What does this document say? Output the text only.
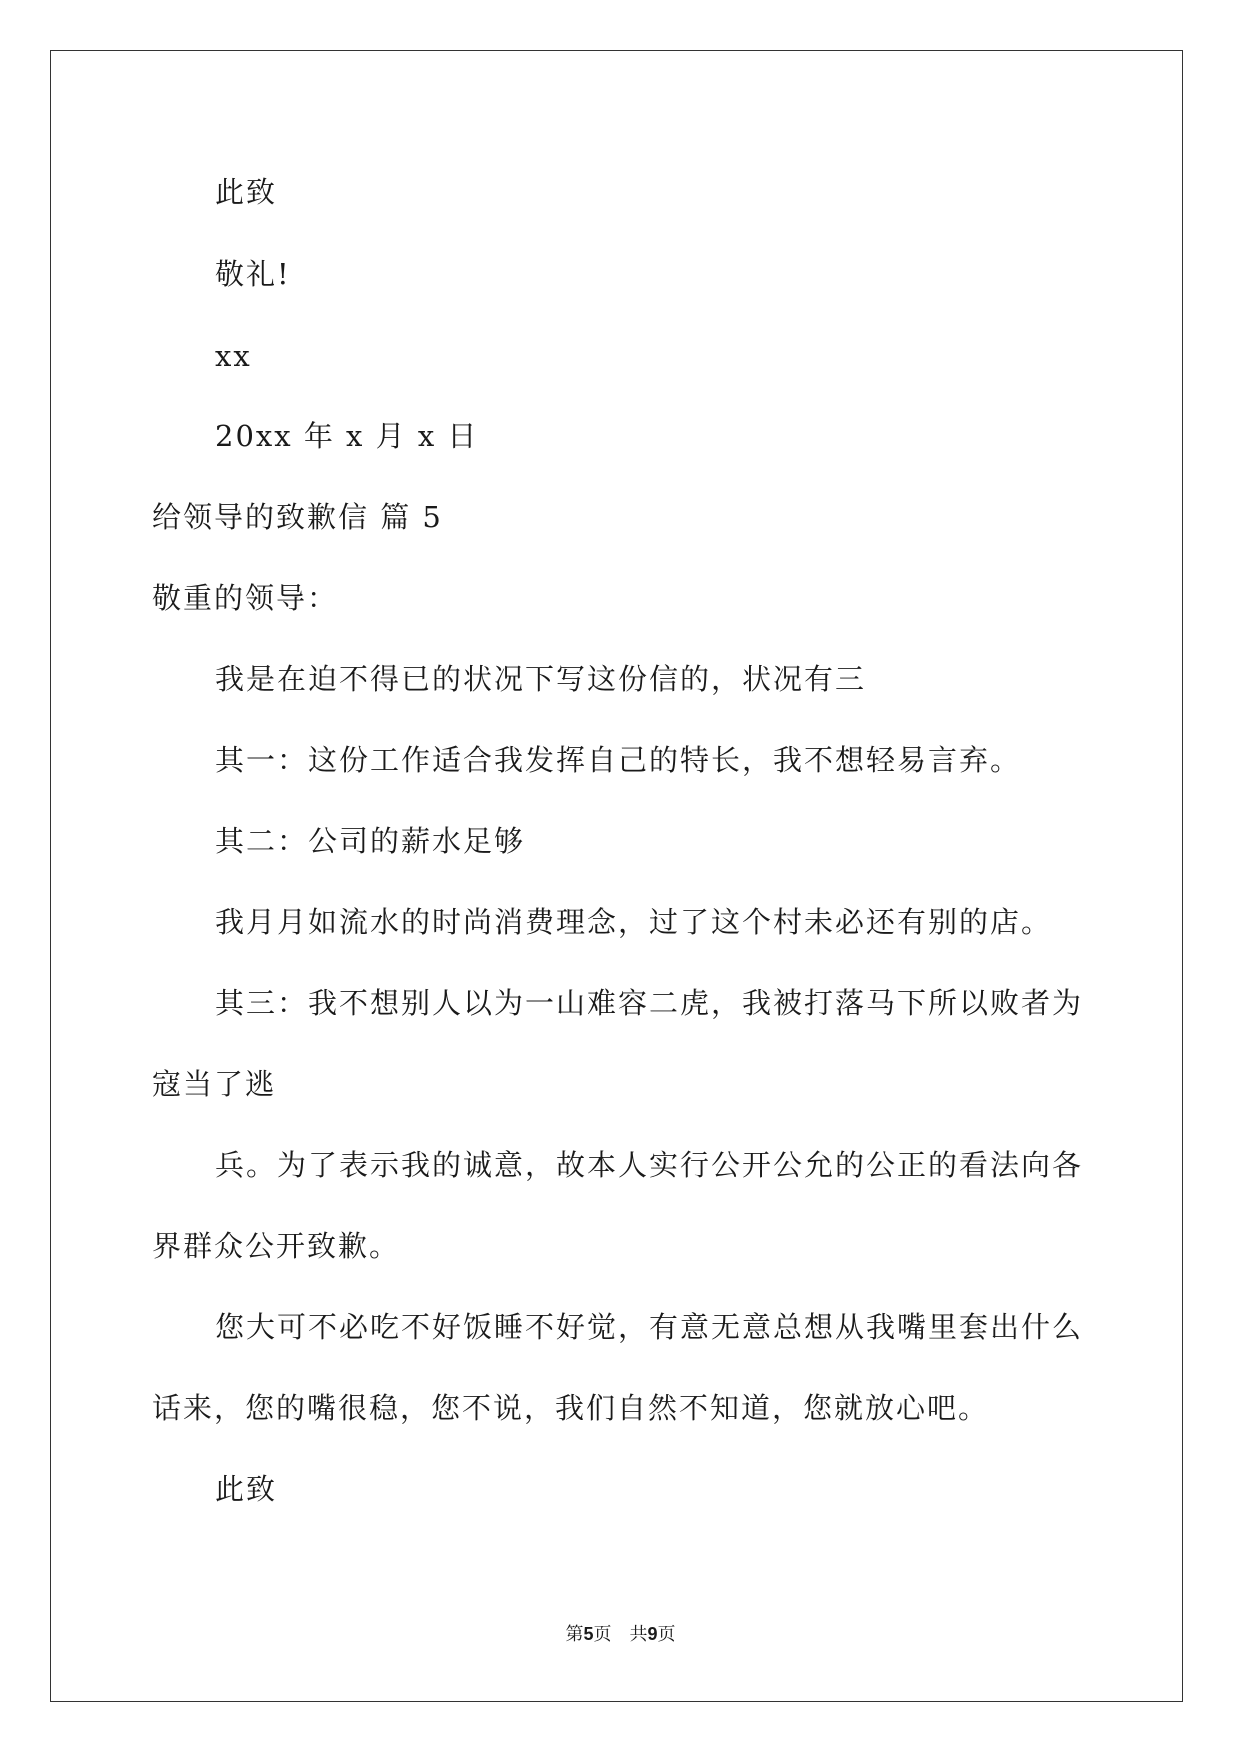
此致
敬礼!
xx
20xx 年 x 月 x 日
给领导的致歉信 篇 5
敬重的领导：
我是在迫不得已的状况下写这份信的，状况有三
其一：这份工作适合我发挥自己的特长，我不想轻易言弃。
其二：公司的薪水足够
我月月如流水的时尚消费理念，过了这个村未必还有别的店。
其三：我不想别人以为一山难容二虎，我被打落马下所以败者为
寇当了逃
兵。为了表示我的诚意，故本人实行公开公允的公正的看法向各
界群众公开致歉。
您大可不必吃不好饭睡不好觉，有意无意总想从我嘴里套出什么
话来，您的嘴很稳，您不说，我们自然不知道，您就放心吧。
此致
第5页 共9页
